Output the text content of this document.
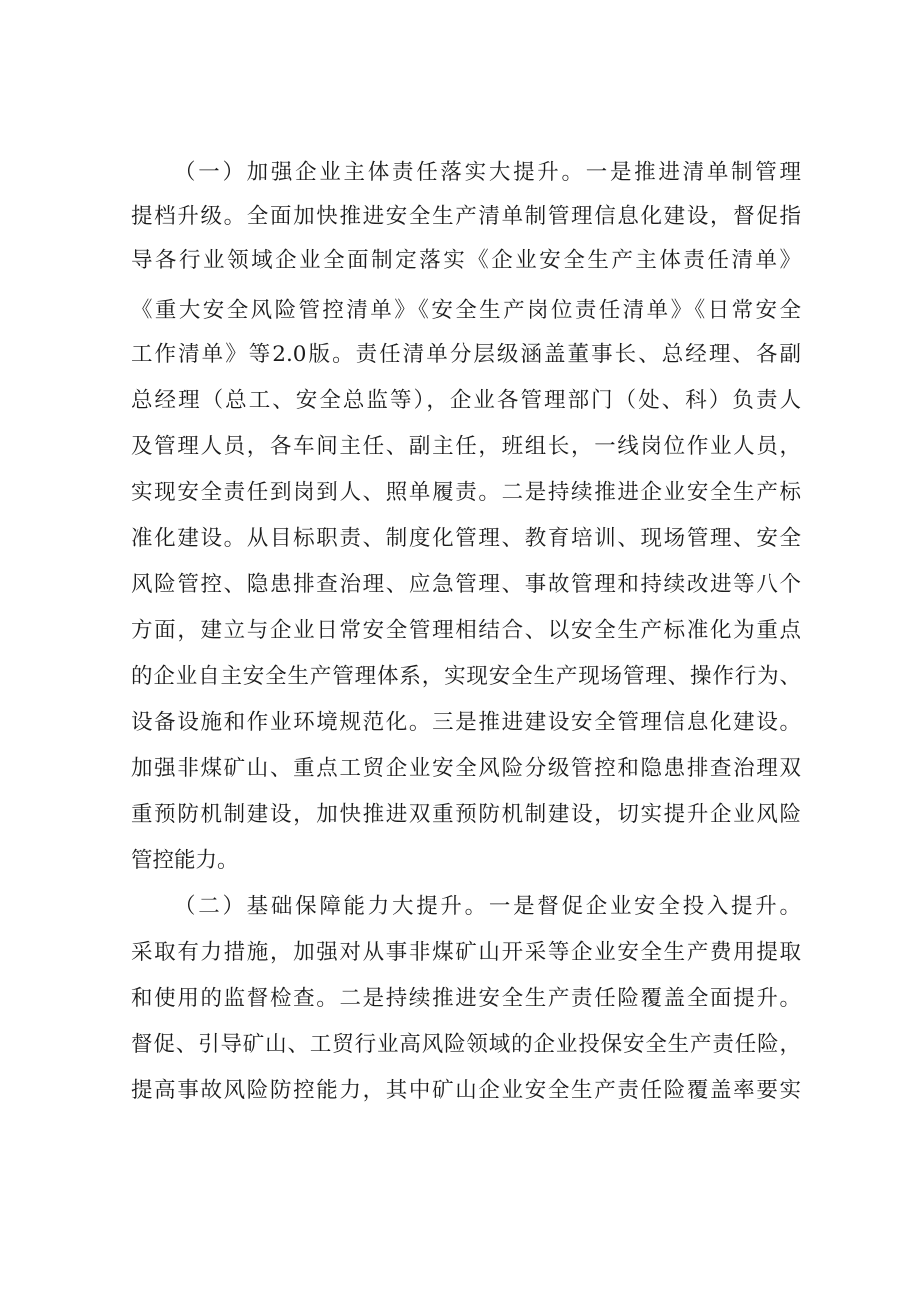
（一）加强企业主体责任落实大提升。一是推进清单制管理
提档升级。全面加快推进安全生产清单制管理信息化建设，督促指
导各行业领域企业全面制定落实《企业安全生产主体责任清单》
《重大安全风险管控清单》《安全生产岗位责任清单》《日常安全
工作清单》等2.0版。责任清单分层级涵盖董事长、总经理、各副
总经理（总工、安全总监等），企业各管理部门（处、科）负责人
及管理人员，各车间主任、副主任，班组长，一线岗位作业人员，
实现安全责任到岗到人、照单履责。二是持续推进企业安全生产标
准化建设。从目标职责、制度化管理、教育培训、现场管理、安全
风险管控、隐患排查治理、应急管理、事故管理和持续改进等八个
方面，建立与企业日常安全管理相结合、以安全生产标准化为重点
的企业自主安全生产管理体系，实现安全生产现场管理、操作行为、
设备设施和作业环境规范化。三是推进建设安全管理信息化建设。
加强非煤矿山、重点工贸企业安全风险分级管控和隐患排查治理双
重预防机制建设，加快推进双重预防机制建设，切实提升企业风险
管控能力。
（二）基础保障能力大提升。一是督促企业安全投入提升。
采取有力措施，加强对从事非煤矿山开采等企业安全生产费用提取
和使用的监督检查。二是持续推进安全生产责任险覆盖全面提升。
督促、引导矿山、工贸行业高风险领域的企业投保安全生产责任险，
提高事故风险防控能力，其中矿山企业安全生产责任险覆盖率要实
